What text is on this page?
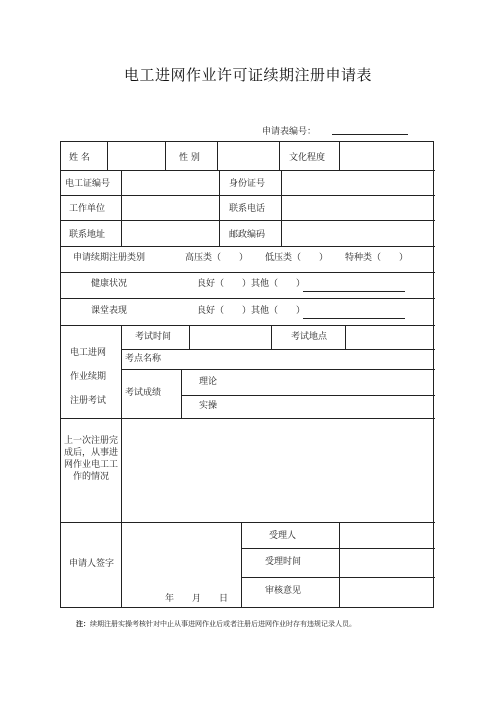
电工进网作业许可证续期注册申请表
申请表编号：
姓 名	性 别	文化程度
电工证编号	身份证号
工作单位	联系电话
联系地址	邮政编码
申请续期注册类别	高压类（　　） 低压类（　　） 特种类（　　）
健康状况	良好（　　）其他（　　）
课堂表现	良好（　　）其他（　　）
电工进网
作业续期
注册考试
考试时间	考试地点
考点名称
考试成绩
理论
实操
上一次注册完成后，从事进网作业电工工作的情况
申请人签字
年　　月　　日
受理人
受理时间
审核意见
注：续期注册实操考核针对中止从事进网作业后或者注册后进网作业时存有违规记录人员。
